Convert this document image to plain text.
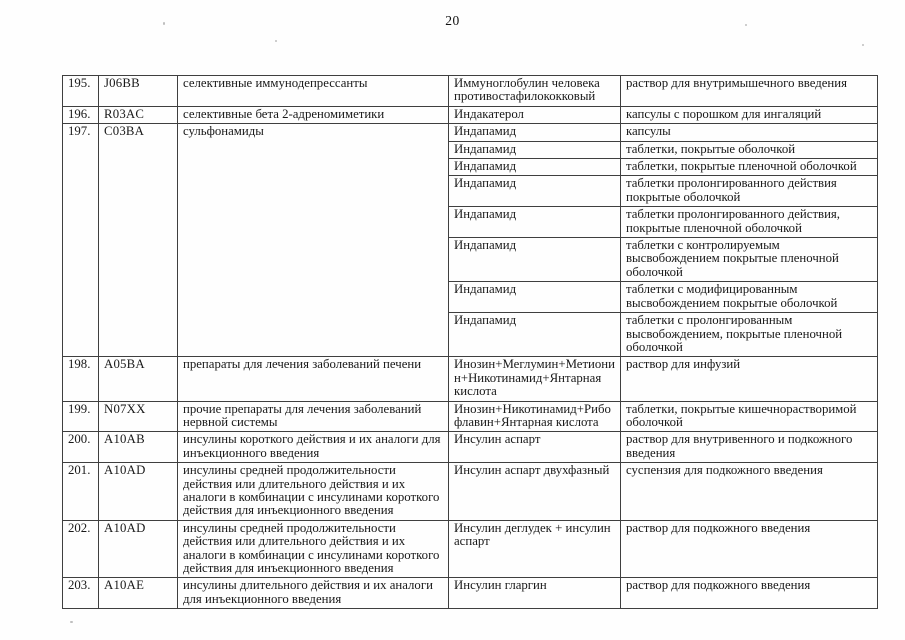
20
195.	J06BB	селективные иммунодепрессанты	Иммуноглобулин человека противостафилококковый	раствор для внутримышечного введения
196.	R03AC	селективные бета 2-адреномиметики	Индакатерол	капсулы с порошком для ингаляций
197.	C03BA	сульфонамиды	Индапамид	капсулы
			Индапамид	таблетки, покрытые оболочкой
			Индапамид	таблетки, покрытые пленочной оболочкой
			Индапамид	таблетки пролонгированного действия покрытые оболочкой
			Индапамид	таблетки пролонгированного действия, покрытые пленочной оболочкой
			Индапамид	таблетки с контролируемым высвобождением покрытые пленочной оболочкой
			Индапамид	таблетки с модифицированным высвобождением покрытые оболочкой
			Индапамид	таблетки с пролонгированным высвобождением, покрытые пленочной оболочкой
198.	A05BA	препараты для лечения заболеваний печени	Инозин+Меглумин+Метионин+Никотинамид+Янтарная кислота	раствор для инфузий
199.	N07XX	прочие препараты для лечения заболеваний нервной системы	Инозин+Никотинамид+Рибофлавин+Янтарная кислота	таблетки, покрытые кишечнорастворимой оболочкой
200.	A10AB	инсулины короткого действия и их аналоги для инъекционного введения	Инсулин аспарт	раствор для внутривенного и подкожного введения
201.	A10AD	инсулины средней продолжительности действия или длительного действия и их аналоги в комбинации с инсулинами короткого действия для инъекционного введения	Инсулин аспарт двухфазный	суспензия для подкожного введения
202.	A10AD	инсулины средней продолжительности действия или длительного действия и их аналоги в комбинации с инсулинами короткого действия для инъекционного введения	Инсулин деглудек + инсулин аспарт	раствор для подкожного введения
203.	A10AE	инсулины длительного действия и их аналоги для инъекционного введения	Инсулин гларгин	раствор для подкожного введения
